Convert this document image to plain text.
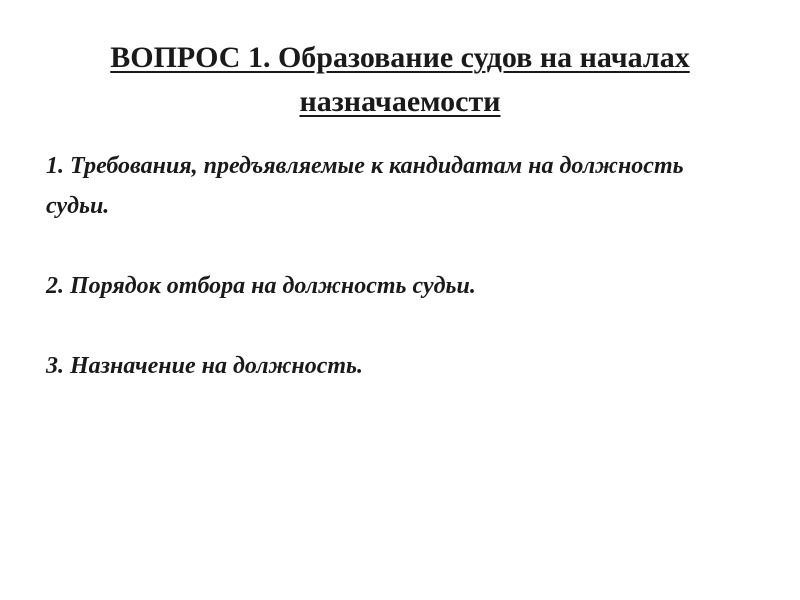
ВОПРОС 1. Образование судов на началах назначаемости
1. Требования, предъявляемые к кандидатам на должность судьи.
2. Порядок отбора на должность судьи.
3. Назначение на должность.
